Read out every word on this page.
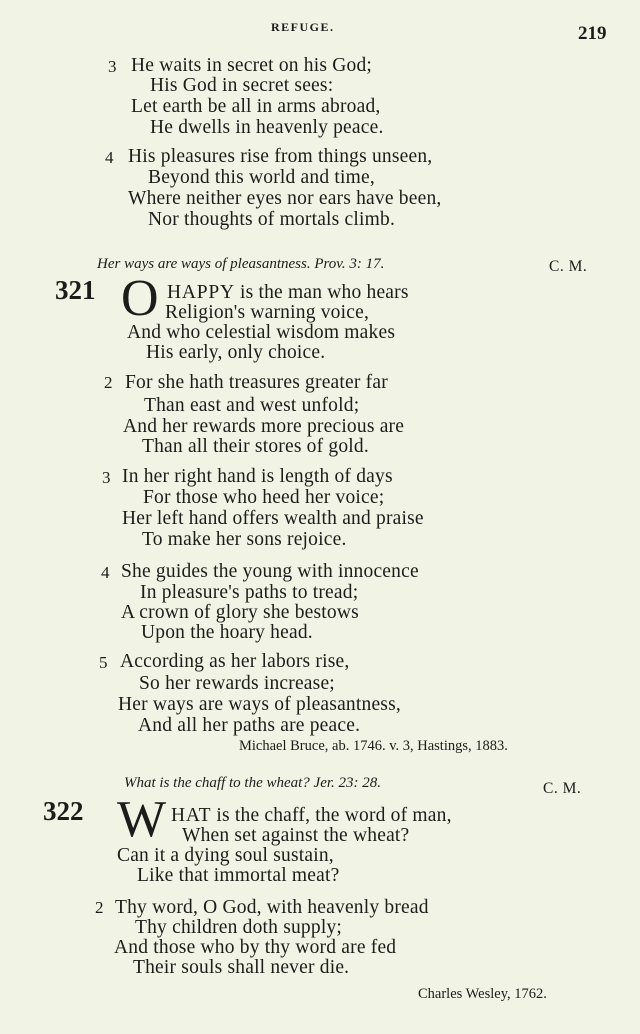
REFUGE.	219
3 He waits in secret on his God;
His God in secret sees:
Let earth be all in arms abroad,
He dwells in heavenly peace.
4 His pleasures rise from things unseen,
Beyond this world and time,
Where neither eyes nor ears have been,
Nor thoughts of mortals climb.
Her ways are ways of pleasantness. Prov. 3: 17.	C. M.
321 O HAPPY is the man who hears
Religion's warning voice,
And who celestial wisdom makes
His early, only choice.
2 For she hath treasures greater far
Than east and west unfold;
And her rewards more precious are
Than all their stores of gold.
3 In her right hand is length of days
For those who heed her voice;
Her left hand offers wealth and praise
To make her sons rejoice.
4 She guides the young with innocence
In pleasure's paths to tread;
A crown of glory she bestows
Upon the hoary head.
5 According as her labors rise,
So her rewards increase;
Her ways are ways of pleasantness,
And all her paths are peace.
Michael Bruce, ab. 1746. v. 3, Hastings, 1883.
What is the chaff to the wheat? Jer. 23: 28.	C. M.
322 W HAT is the chaff, the word of man,
When set against the wheat?
Can it a dying soul sustain,
Like that immortal meat?
2 Thy word, O God, with heavenly bread
Thy children doth supply;
And those who by thy word are fed
Their souls shall never die.
Charles Wesley, 1762.
